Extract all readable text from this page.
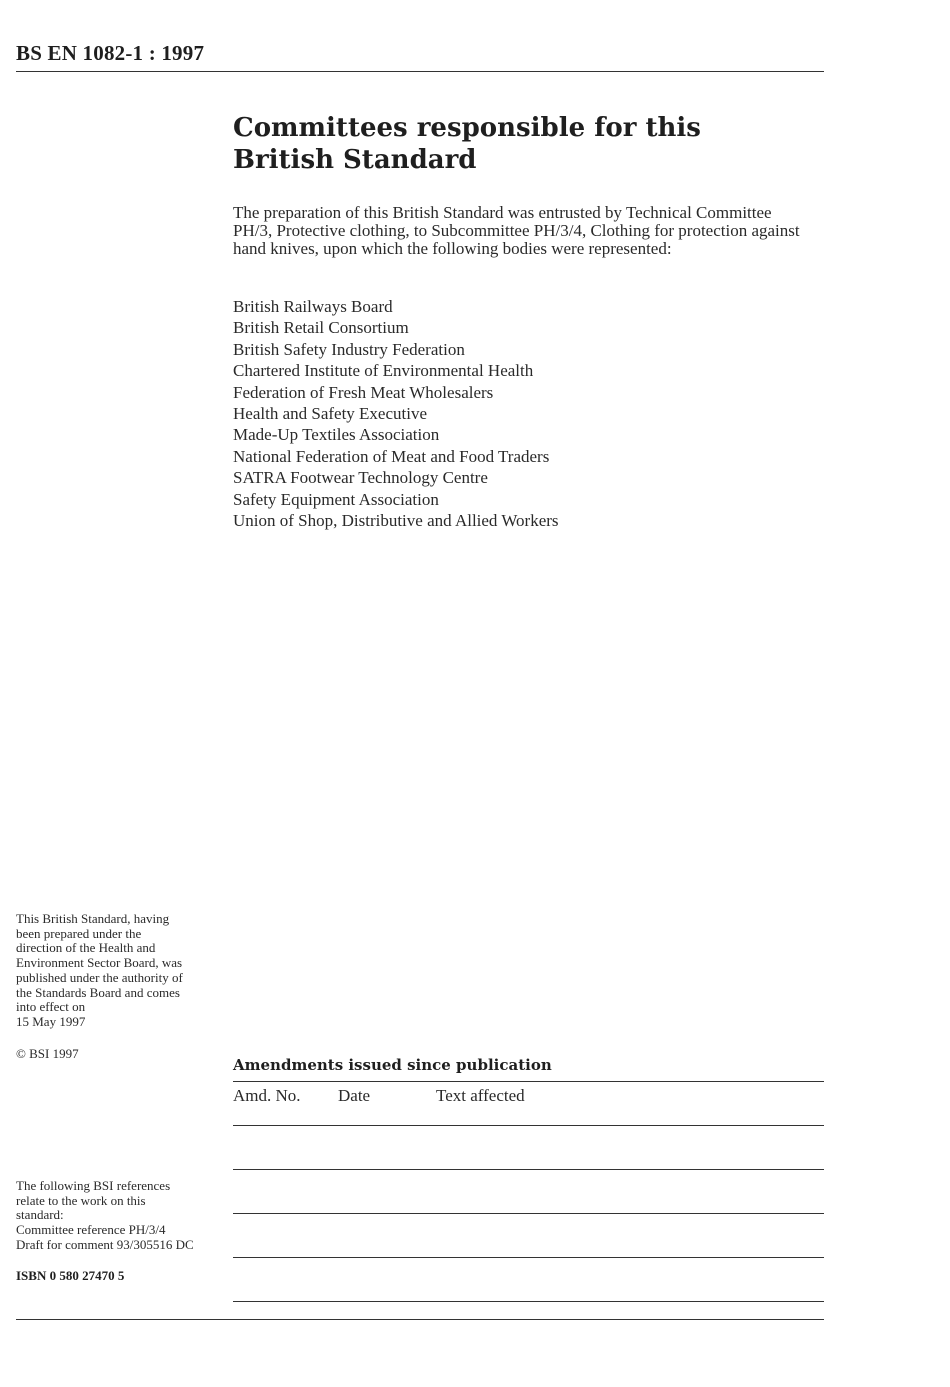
BS EN 1082-1 : 1997
Committees responsible for this
British Standard

The preparation of this British Standard was entrusted by Technical Committee PH/3, Protective clothing, to Subcommittee PH/3/4, Clothing for protection against hand knives, upon which the following bodies were represented:

British Railways Board
British Retail Consortium
British Safety Industry Federation
Chartered Institute of Environmental Health
Federation of Fresh Meat Wholesalers
Health and Safety Executive
Made-Up Textiles Association
National Federation of Meat and Food Traders
SATRA Footwear Technology Centre
Safety Equipment Association
Union of Shop, Distributive and Allied Workers
This British Standard, having
been prepared under the
direction of the Health and
Environment Sector Board, was
published under the authority of
the Standards Board and comes
into effect on
15 May 1997
© BSI 1997
The following BSI references
relate to the work on this
standard:
Committee reference PH/3/4
Draft for comment 93/305516 DC
ISBN 0 580 27470 5
Amendments issued since publication
Amd. No. Date	Text affected
